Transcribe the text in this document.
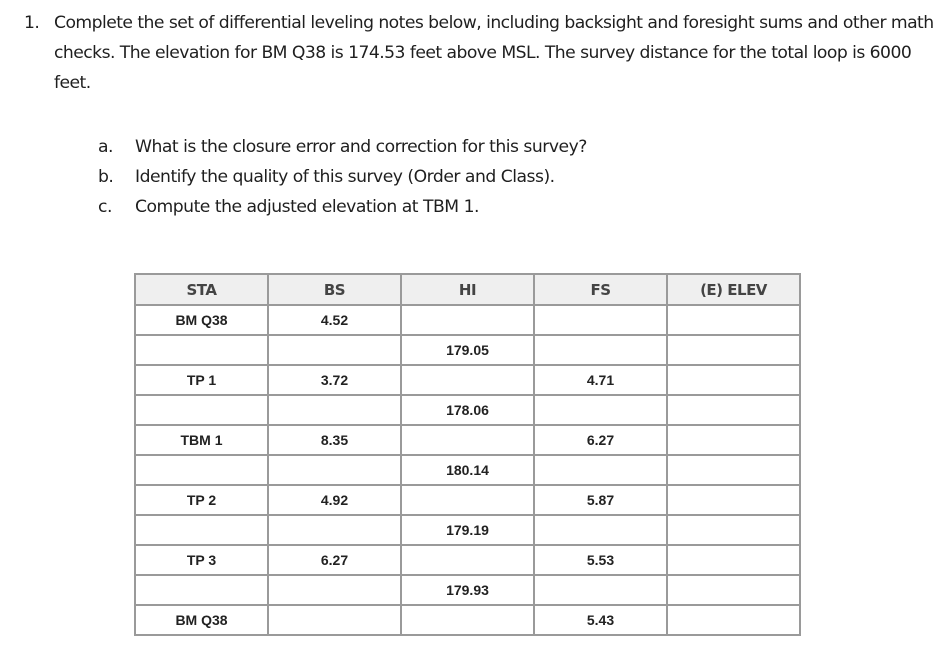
1. Complete the set of differential leveling notes below, including backsight and foresight sums and other math checks. The elevation for BM Q38 is 174.53 feet above MSL. The survey distance for the total loop is 6000 feet.
a.	What is the closure error and correction for this survey?
b.	Identify the quality of this survey (Order and Class).
c.	Compute the adjusted elevation at TBM 1.
STA	BS	HI	FS	(E) ELEV
BM Q38	4.52			
		179.05		
TP 1	3.72		4.71	
		178.06		
TBM 1	8.35		6.27	
		180.14		
TP 2	4.92		5.87	
		179.19		
TP 3	6.27		5.53	
		179.93		
BM Q38			5.43	
